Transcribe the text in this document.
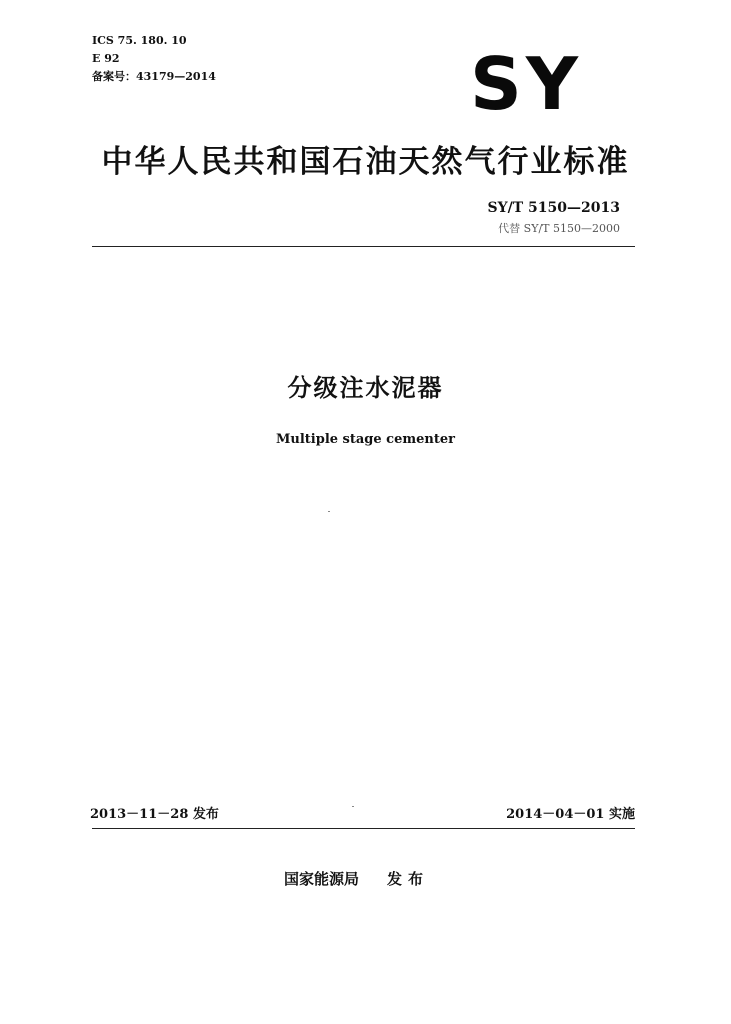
ICS 75. 180. 10
E 92
备案号：43179—2014	SY
中华人民共和国石油天然气行业标准
SY/T 5150—2013
代替 SY/T 5150—2000
分级注水泥器
Multiple stage cementer
2013－11－28 发布	2014－04－01 实施
国家能源局 发布
